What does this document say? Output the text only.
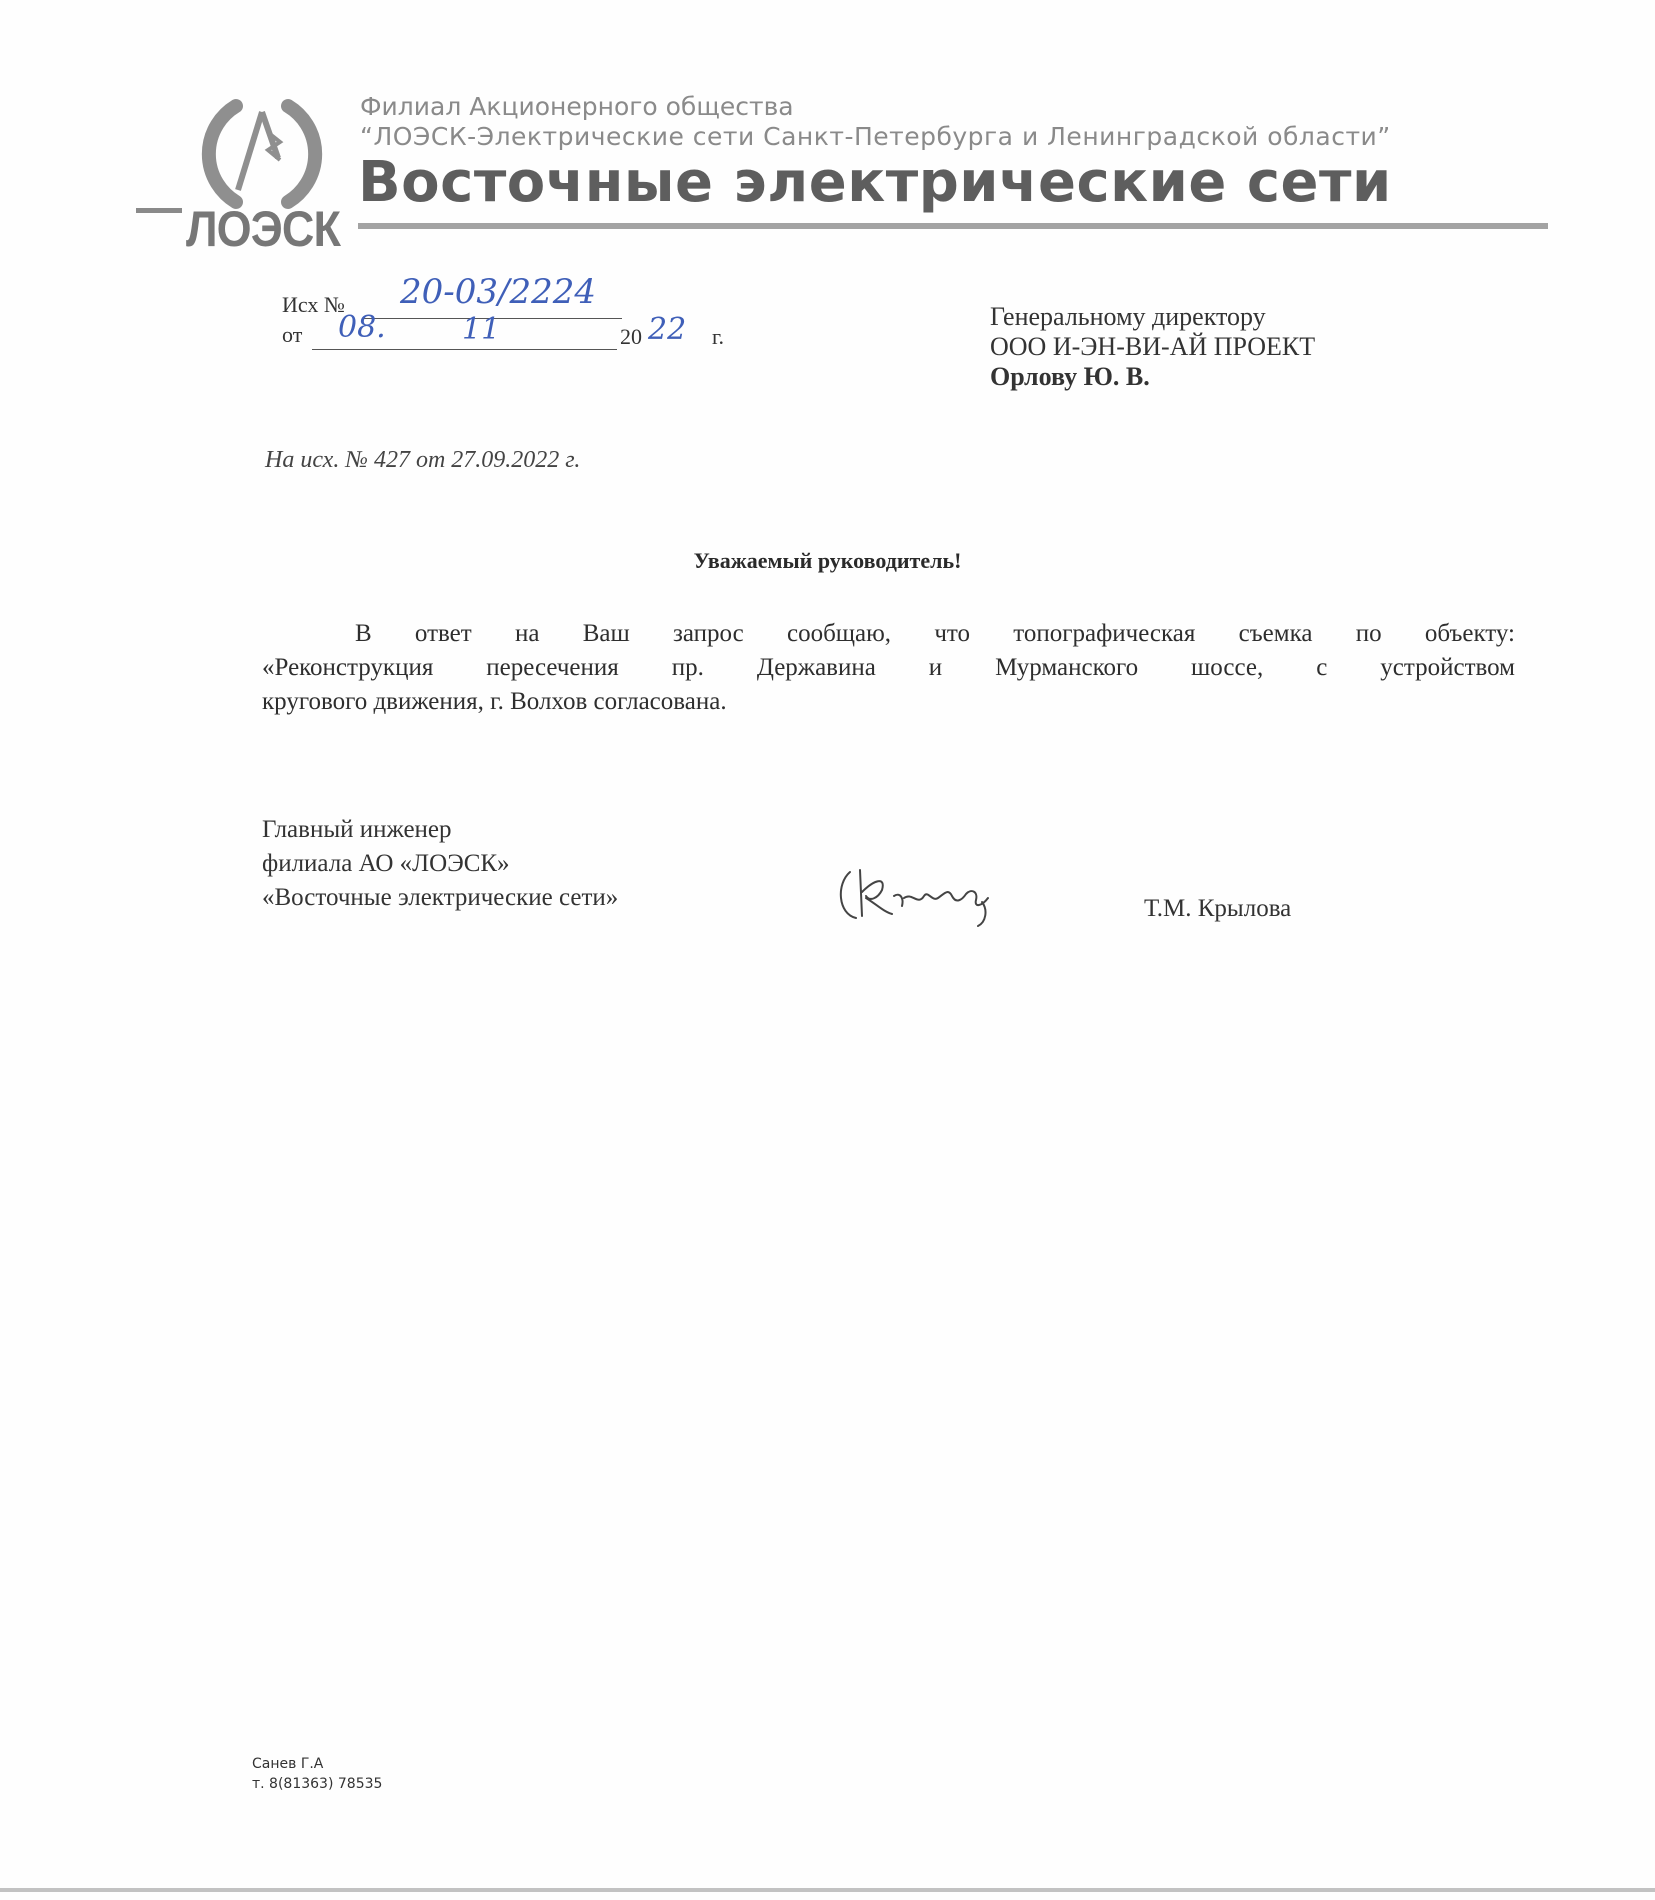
ЛОЭСК
Филиал Акционерного общества
“ЛОЭСК-Электрические сети Санкт-Петербурга и Ленинградской области”
Восточные электрические сети
Исх № 20-03/2224
от 08.	11	20 22 г.
Генеральному директору
ООО И-ЭН-ВИ-АЙ ПРОЕКТ
Орлову Ю. В.
На исх. № 427 от 27.09.2022 г.
Уважаемый руководитель!
В ответ на Ваш запрос сообщаю, что топографическая съемка по объекту:
«Реконструкция пересечения пр. Державина и Мурманского шоссе, с устройством
кругового движения, г. Волхов согласована.
Главный инженер
филиала АО «ЛОЭСК»
«Восточные электрические сети»	Т.М. Крылова
Санев Г.А
т. 8(81363) 78535
